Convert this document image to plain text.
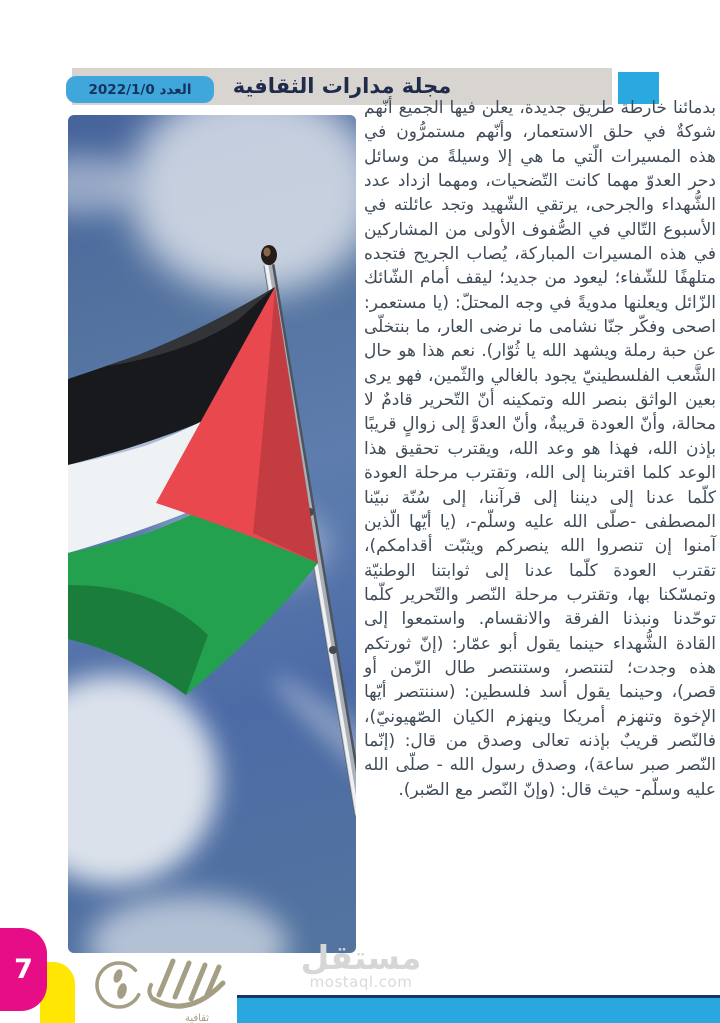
مجلة مدارات الثقافية
العدد 2022/1/0
بدمائنا خارطة طريق جديدة، يعلن فيها الجميع أنّهم شوكةٌ في حلق الاستعمار، وأنّهم مستمرُّون في هذه المسيرات الّتي ما هي إلا وسيلةً من وسائل دحر العدوّ مهما كانت التّضحيات، ومهما ازداد عدد الشُّهداء والجرحى، يرتقي الشّهيد وتجد عائلته في الأسبوع التّالي في الصُّفوف الأولى من المشاركين في هذه المسيرات المباركة، يُصاب الجريح فتجده متلهفًا للشّفاء؛ ليعود من جديد؛ ليقف أمام الشّائك الزّائل ويعلنها مدويةً في وجه المحتلّ: (يا مستعمر: اصحى وفكّر جنّا نشامى ما نرضى العار، ما بنتخلّى عن حبة رملة ويشهد الله يا ثُوّار). نعم هذا هو حال الشَّعب الفلسطينيّ يجود بالغالي والثّمين، فهو يرى بعين الواثق بنصر الله وتمكينه أنّ التّحرير قادمٌ لا محالة، وأنّ العودة قريبةٌ، وأنّ العدوَّ إلى زوالٍ قريبًا بإذن الله، فهذا هو وعد الله، ويقترب تحقيق هذا الوعد كلما اقتربنا إلى الله، وتقترب مرحلة العودة كلّما عدنا إلى ديننا إلى قرآننا، إلى سُنّة نبيّنا المصطفى -صلّى الله عليه وسلّم-، (يا أيّها الّذين آمنوا إن تنصروا الله ينصركم ويثبّت أقدامكم)، تقترب العودة كلّما عدنا إلى ثوابتنا الوطنيّة وتمسّكنا بها، وتقترب مرحلة النّصر والتّحرير كلّما توحّدنا ونبذنا الفرقة والانقسام. واستمعوا إلى القادة الشُّهداء حينما يقول أبو عمّار: (إنّ ثورتكم هذه وجدت؛ لتنتصر، وستنتصر طال الزّمن أو قصر)، وحينما يقول أسد فلسطين: (سننتصر أيّها الإخوة وتنهزم أمريكا وينهزم الكيان الصّهيونيّ)، فالنّصر قريبٌ بإذنه تعالى وصدق من قال: (إنّما النّصر صبر ساعة)، وصدق رسول الله - صلّى الله عليه وسلّم- حيث قال: (وإنّ النّصر مع الصّبر).
7
ثقافية
مستقل
mostaql.com
